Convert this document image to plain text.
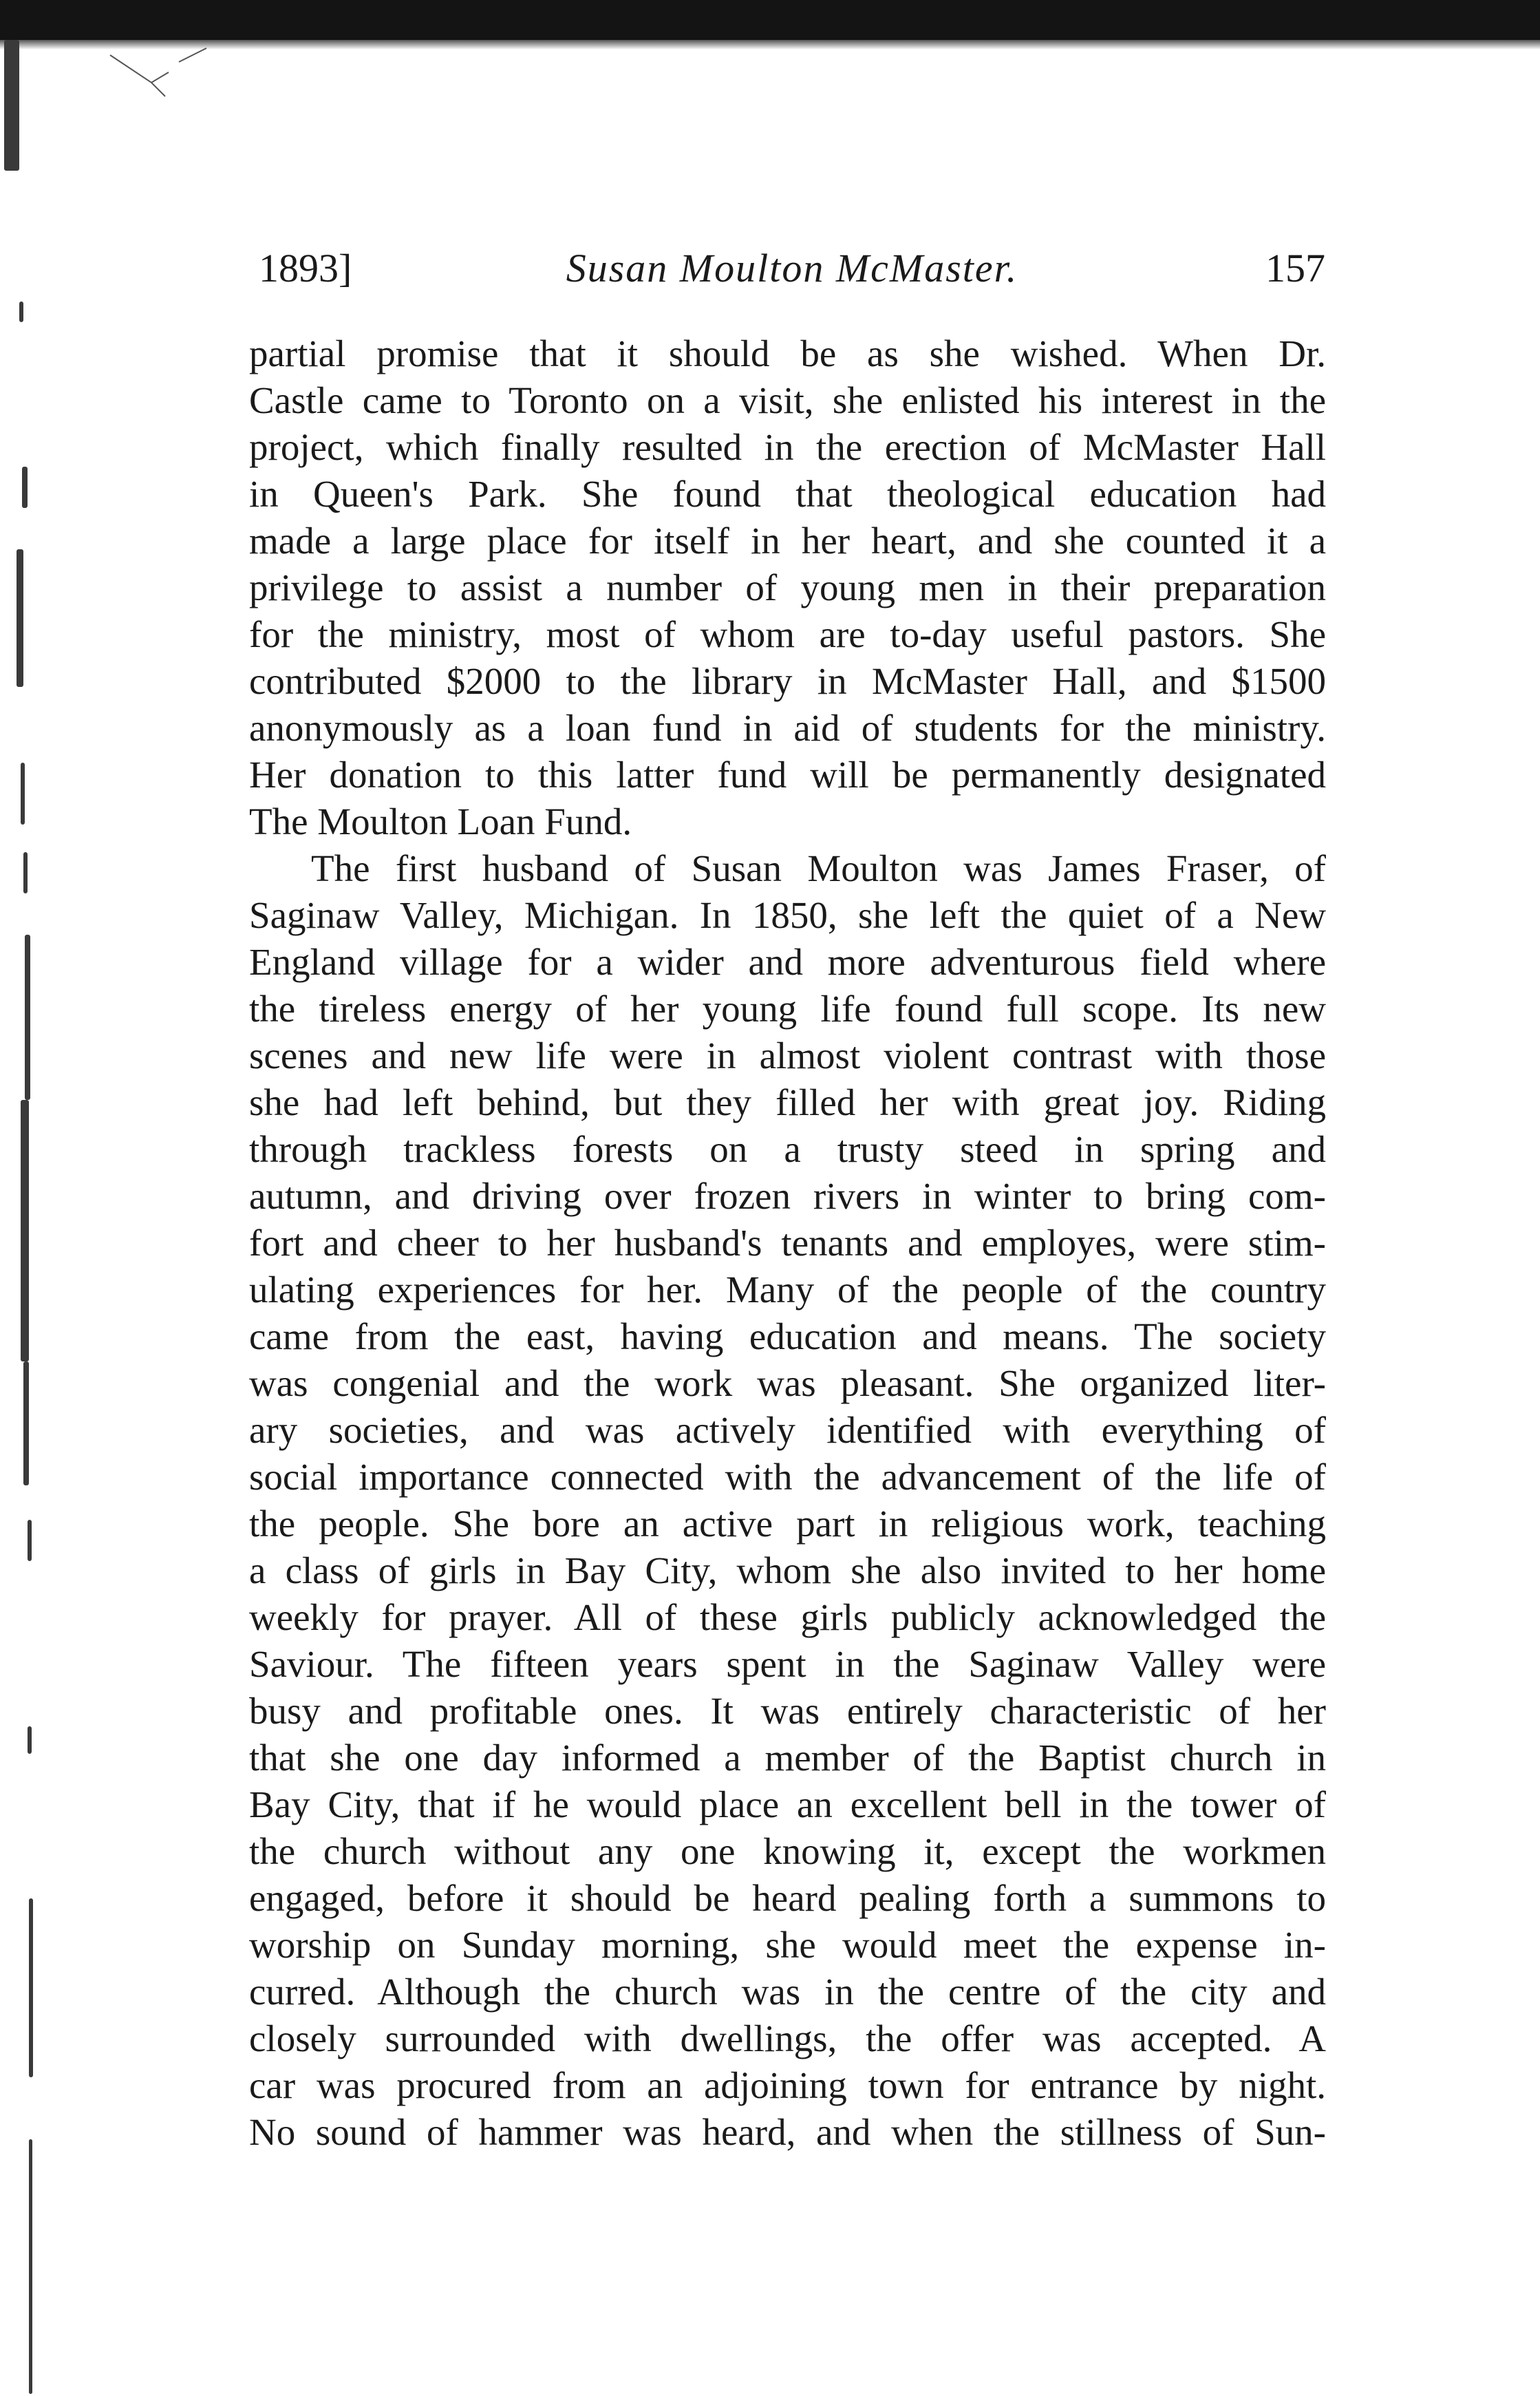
1893]	Susan Moulton McMaster.	157
partial promise that it should be as she wished. When Dr.
Castle came to Toronto on a visit, she enlisted his interest in the
project, which finally resulted in the erection of McMaster Hall
in Queen's Park. She found that theological education had
made a large place for itself in her heart, and she counted it a
privilege to assist a number of young men in their preparation
for the ministry, most of whom are to-day useful pastors. She
contributed $2000 to the library in McMaster Hall, and $1500
anonymously as a loan fund in aid of students for the ministry.
Her donation to this latter fund will be permanently designated
The Moulton Loan Fund.
The first husband of Susan Moulton was James Fraser, of
Saginaw Valley, Michigan. In 1850, she left the quiet of a New
England village for a wider and more adventurous field where
the tireless energy of her young life found full scope. Its new
scenes and new life were in almost violent contrast with those
she had left behind, but they filled her with great joy. Riding
through trackless forests on a trusty steed in spring and
autumn, and driving over frozen rivers in winter to bring com-
fort and cheer to her husband's tenants and employes, were stim-
ulating experiences for her. Many of the people of the country
came from the east, having education and means. The society
was congenial and the work was pleasant. She organized liter-
ary societies, and was actively identified with everything of
social importance connected with the advancement of the life of
the people. She bore an active part in religious work, teaching
a class of girls in Bay City, whom she also invited to her home
weekly for prayer. All of these girls publicly acknowledged the
Saviour. The fifteen years spent in the Saginaw Valley were
busy and profitable ones. It was entirely characteristic of her
that she one day informed a member of the Baptist church in
Bay City, that if he would place an excellent bell in the tower of
the church without any one knowing it, except the workmen
engaged, before it should be heard pealing forth a summons to
worship on Sunday morning, she would meet the expense in-
curred. Although the church was in the centre of the city and
closely surrounded with dwellings, the offer was accepted. A
car was procured from an adjoining town for entrance by night.
No sound of hammer was heard, and when the stillness of Sun-
